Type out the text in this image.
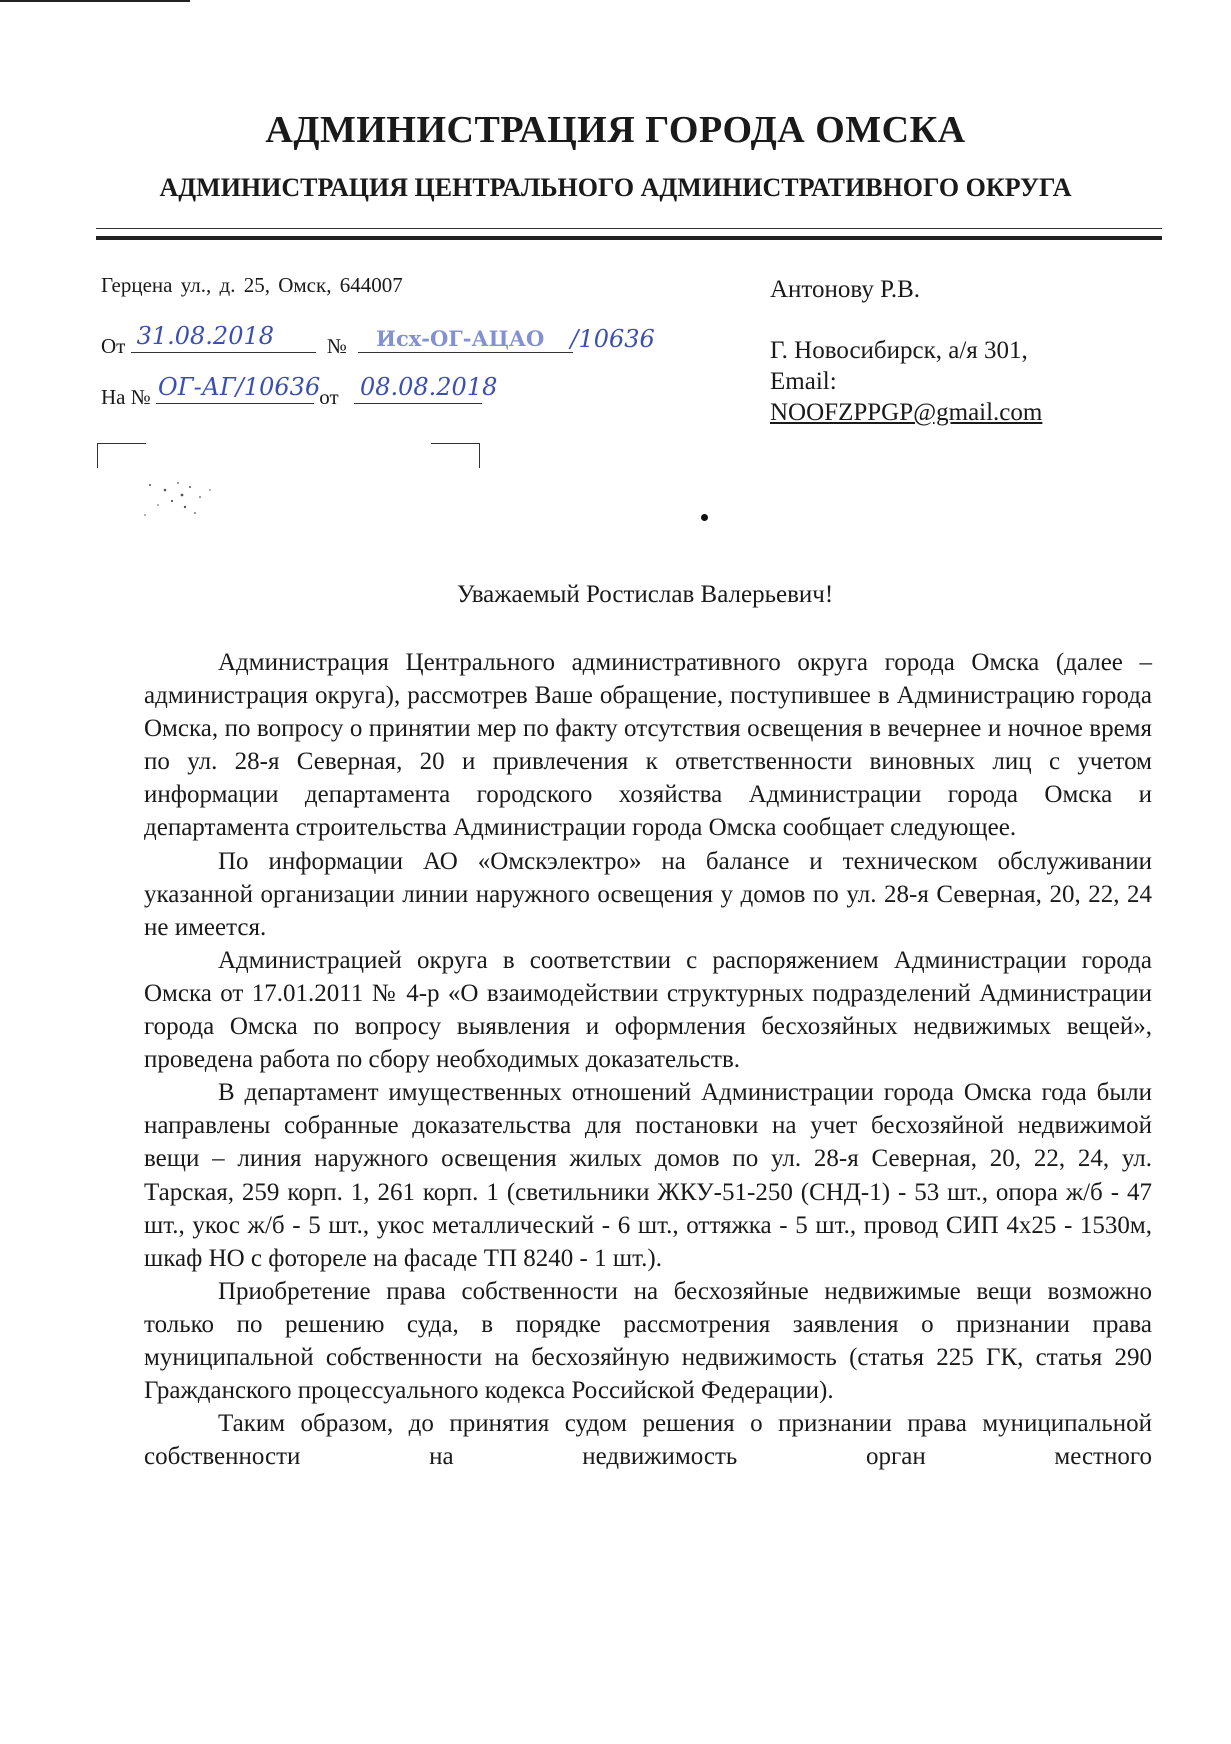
АДМИНИСТРАЦИЯ ГОРОДА ОМСКА
АДМИНИСТРАЦИЯ ЦЕНТРАЛЬНОГО АДМИНИСТРАТИВНОГО ОКРУГА
Герцена ул., д. 25, Омск, 644007
От 31.08.2018	№ Исх-ОГ-АЦАО /10636
На № ОГ-АГ/10636 от 08.08.2018
Антонову Р.В.
Г. Новосибирск, а/я 301,
Email:
NOOFZPPGP@gmail.com
Уважаемый Ростислав Валерьевич!

Администрация Центрального административного округа города Омска (далее – администрация округа), рассмотрев Ваше обращение, поступившее в Администрацию города Омска, по вопросу о принятии мер по факту отсутствия освещения в вечернее и ночное время по ул. 28-я Северная, 20 и привлечения к ответственности виновных лиц с учетом информации департамента городского хозяйства Администрации города Омска и департамента строительства Администрации города Омска сообщает следующее.

По информации АО «Омскэлектро» на балансе и техническом обслуживании указанной организации линии наружного освещения у домов по ул. 28-я Северная, 20, 22, 24 не имеется.

Администрацией округа в соответствии с распоряжением Администрации города Омска от 17.01.2011 № 4-р «О взаимодействии структурных подразделений Администрации города Омска по вопросу выявления и оформления бесхозяйных недвижимых вещей», проведена работа по сбору необходимых доказательств.

В департамент имущественных отношений Администрации города Омска года были направлены собранные доказательства для постановки на учет бесхозяйной недвижимой вещи – линия наружного освещения жилых домов по ул. 28-я Северная, 20, 22, 24, ул. Тарская, 259 корп. 1, 261 корп. 1 (светильники ЖКУ-51-250 (СНД-1) - 53 шт., опора ж/б - 47 шт., укос ж/б - 5 шт., укос металлический - 6 шт., оттяжка - 5 шт., провод СИП 4х25 - 1530м, шкаф НО с фотореле на фасаде ТП 8240 - 1 шт.).

Приобретение права собственности на бесхозяйные недвижимые вещи возможно только по решению суда, в порядке рассмотрения заявления о признании права муниципальной собственности на бесхозяйную недвижимость (статья 225 ГК, статья 290 Гражданского процессуального кодекса Российской Федерации).

Таким образом, до принятия судом решения о признании права муниципальной собственности на недвижимость орган местного
